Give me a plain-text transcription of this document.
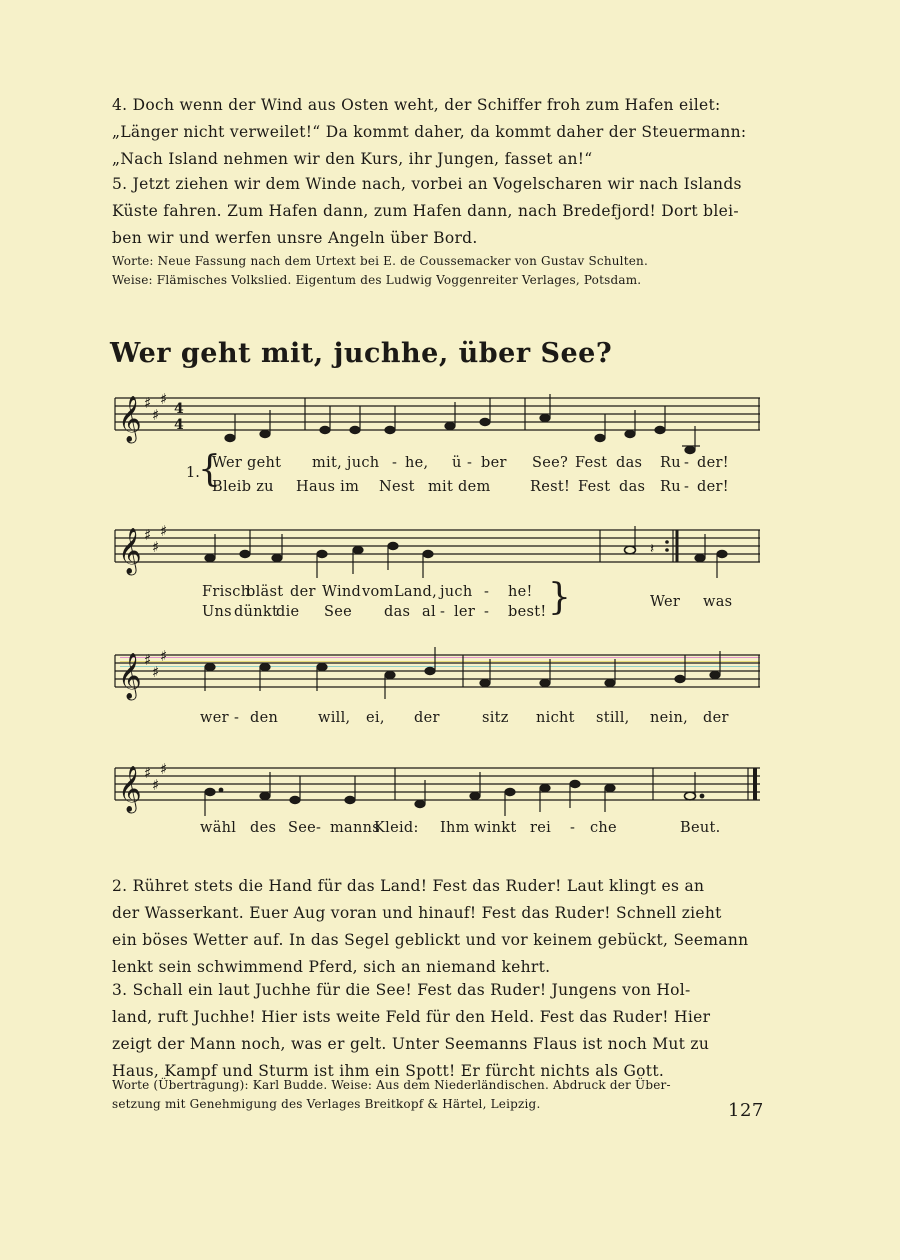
4. Doch wenn der Wind aus Osten weht, der Schiffer froh zum Hafen eilet:
„Länger nicht verweilet!“ Da kommt daher, da kommt daher der Steuermann:
„Nach Island nehmen wir den Kurs, ihr Jungen, fasset an!“
5. Jetzt ziehen wir dem Winde nach, vorbei an Vogelscharen wir nach Islands
Küste fahren. Zum Hafen dann, zum Hafen dann, nach Bredefjord! Dort blei-
ben wir und werfen unsre Angeln über Bord.
Worte: Neue Fassung nach dem Urtext bei E. de Coussemacker von Gustav Schulten.
Weise: Flämisches Volkslied. Eigentum des Ludwig Voggenreiter Verlages, Potsdam.
Wer geht mit, juchhe, über See?
𝄞 ♯
♯
♯
4
4
1.
{
Wer geht mit, juch - he, ü - ber See? Fest das Ru - der!
Bleib zu Haus im Nest mit dem	Rest! Fest das Ru - der!
𝄞 ♯
♯
♯
𝄽
Frisch
bläst der Wind vom Land, juch - he!
Uns dünkt
die See das al - ler - best! }	Wer was
𝄞 ♯
♯
♯
wer - den	will, ei, der	sitz nicht still, nein, der
𝄞 ♯
♯
♯
wähl des See - manns
Kleid: Ihm winkt rei - che	Beut.
2. Rühret stets die Hand für das Land! Fest das Ruder! Laut klingt es an
der Wasserkant. Euer Aug voran und hinauf! Fest das Ruder! Schnell zieht
ein böses Wetter auf. In das Segel geblickt und vor keinem gebückt, Seemann
lenkt sein schwimmend Pferd, sich an niemand kehrt.
3. Schall ein laut Juchhe für die See! Fest das Ruder! Jungens von Hol-
land, ruft Juchhe! Hier ists weite Feld für den Held. Fest das Ruder! Hier
zeigt der Mann noch, was er gelt. Unter Seemanns Flaus ist noch Mut zu
Haus, Kampf und Sturm ist ihm ein Spott! Er fürcht nichts als Gott.
Worte (Übertragung): Karl Budde. Weise: Aus dem Niederländischen. Abdruck der Über-
setzung mit Genehmigung des Verlages Breitkopf & Härtel, Leipzig.	127
